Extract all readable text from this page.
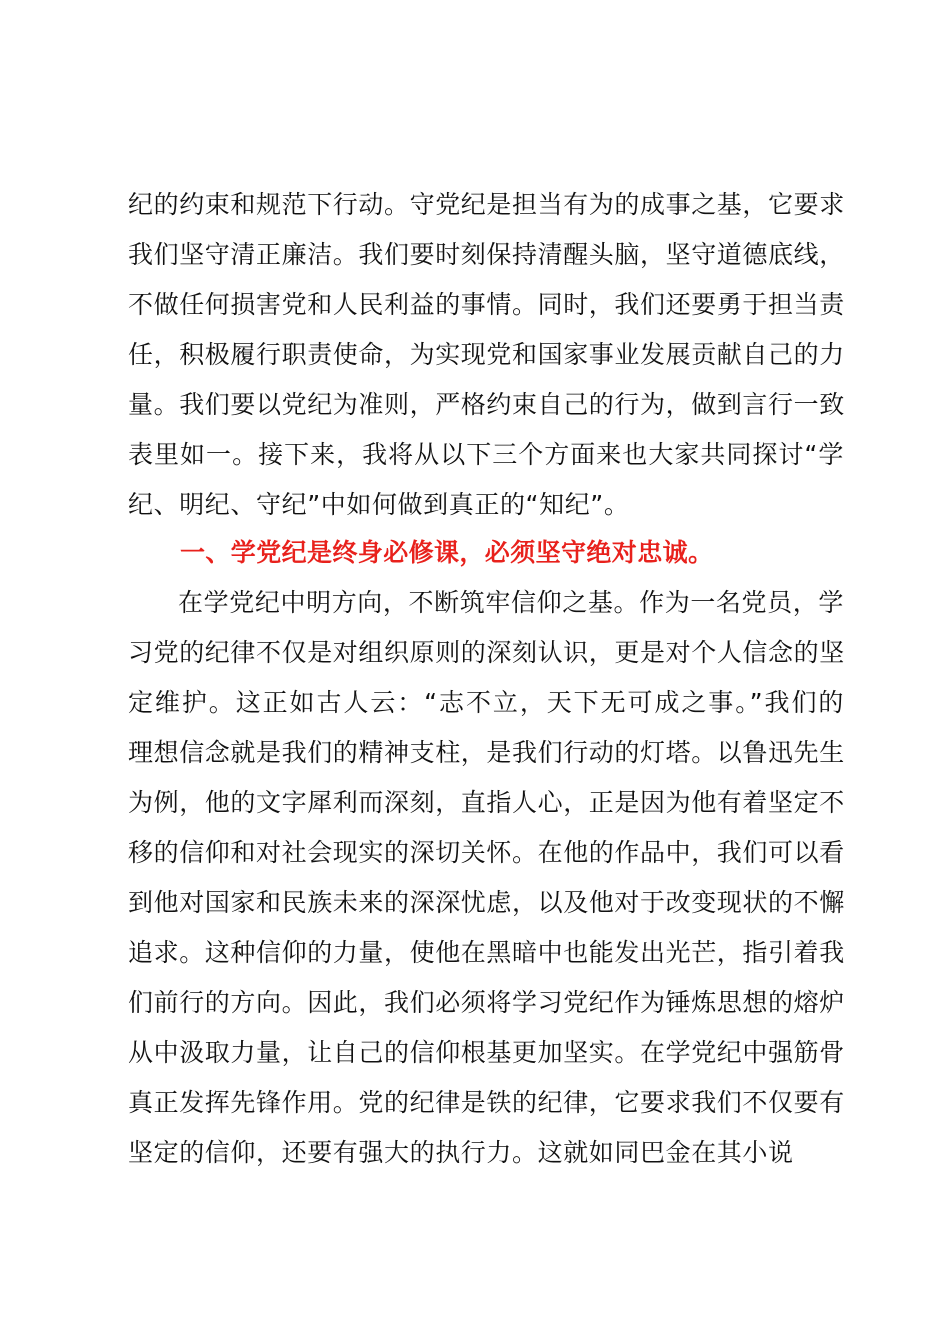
纪的约束和规范下行动。守党纪是担当有为的成事之基，它要求
我们坚守清正廉洁。我们要时刻保持清醒头脑，坚守道德底线，
不做任何损害党和人民利益的事情。同时，我们还要勇于担当责
任，积极履行职责使命，为实现党和国家事业发展贡献自己的力
量。我们要以党纪为准则，严格约束自己的行为，做到言行一致
表里如一。接下来，我将从以下三个方面来也大家共同探讨“学
纪、明纪、守纪”中如何做到真正的“知纪”。
一、学党纪是终身必修课，必须坚守绝对忠诚。
在学党纪中明方向，不断筑牢信仰之基。作为一名党员，学
习党的纪律不仅是对组织原则的深刻认识，更是对个人信念的坚
定维护。这正如古人云：“志不立，天下无可成之事。”我们的
理想信念就是我们的精神支柱，是我们行动的灯塔。以鲁迅先生
为例，他的文字犀利而深刻，直指人心，正是因为他有着坚定不
移的信仰和对社会现实的深切关怀。在他的作品中，我们可以看
到他对国家和民族未来的深深忧虑，以及他对于改变现状的不懈
追求。这种信仰的力量，使他在黑暗中也能发出光芒，指引着我
们前行的方向。因此，我们必须将学习党纪作为锤炼思想的熔炉
从中汲取力量，让自己的信仰根基更加坚实。在学党纪中强筋骨
真正发挥先锋作用。党的纪律是铁的纪律，它要求我们不仅要有
坚定的信仰，还要有强大的执行力。这就如同巴金在其小说
